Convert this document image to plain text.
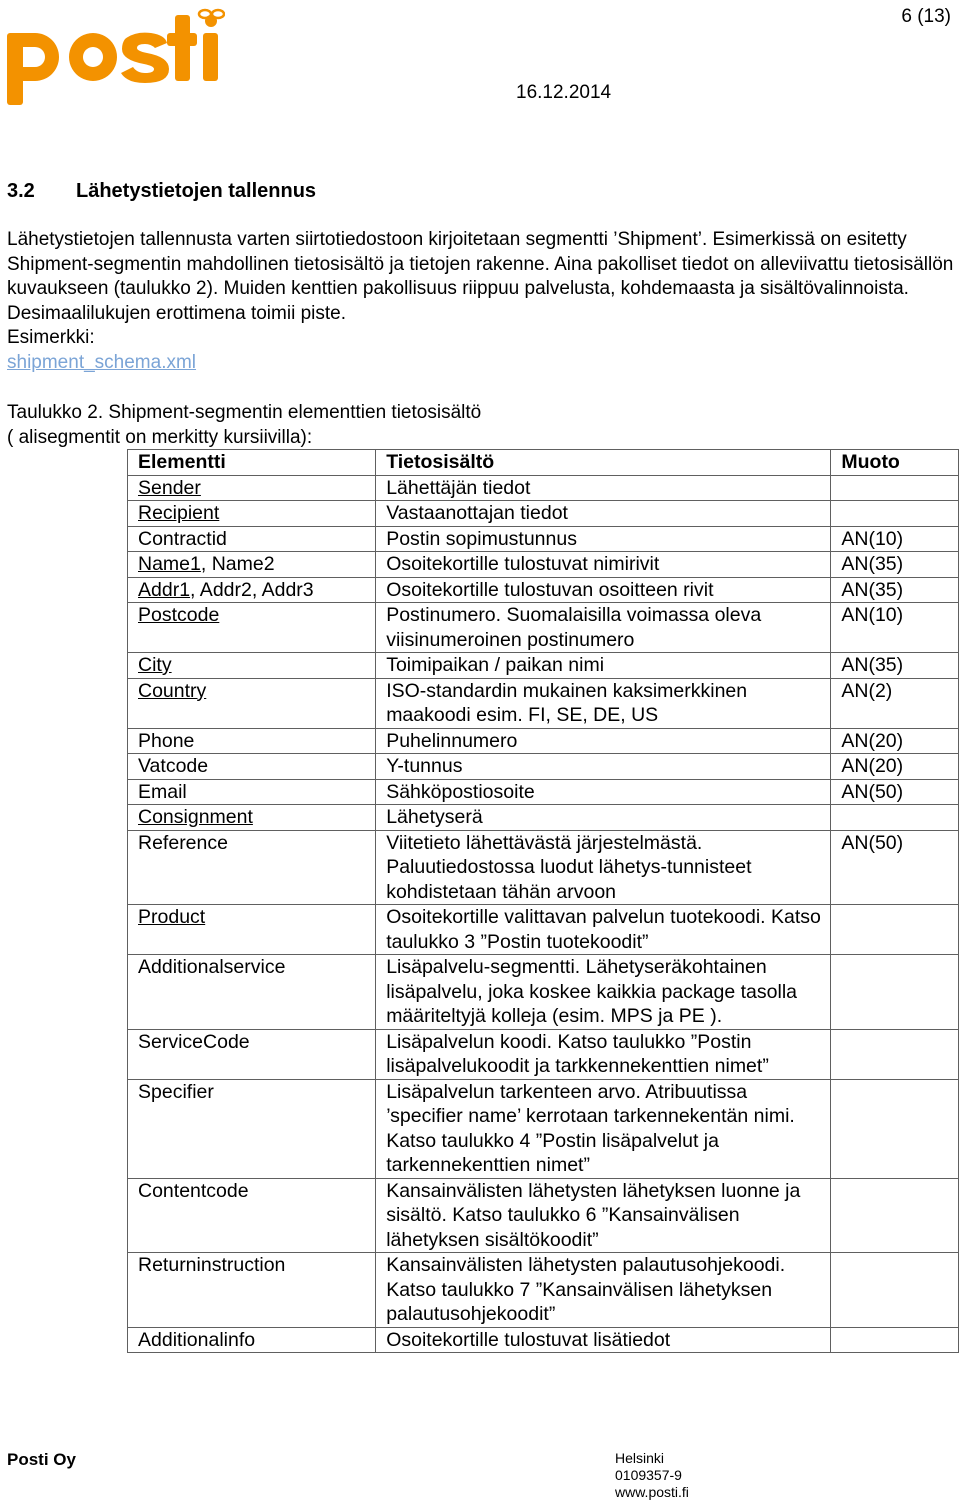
posti
6 (13)
16.12.2014
3.2 Lähetystietojen tallennus

Lähetystietojen tallennusta varten siirtotiedostoon kirjoitetaan segmentti ’Shipment’. Esimerkissä on esitetty Shipment-segmentin mahdollinen tietosisältö ja tietojen rakenne. Aina pakolliset tiedot on alleviivattu tietosisällön kuvaukseen (taulukko 2). Muiden kenttien pakollisuus riippuu palvelusta, kohdemaasta ja sisältövalinnoista. Desimaalilukujen erottimena toimii piste.

Esimerkki:

shipment_schema.xml

Taulukko 2. Shipment-segmentin elementtien tietosisältö
( alisegmentit on merkitty kursiivilla):
Elementti	Tietosisältö	Muoto
Sender	Lähettäjän tiedot	
Recipient	Vastaanottajan tiedot	
Contractid	Postin sopimustunnus	AN(10)
Name1, Name2	Osoitekortille tulostuvat nimirivit	AN(35)
Addr1, Addr2, Addr3	Osoitekortille tulostuvan osoitteen rivit	AN(35)
Postcode	Postinumero. Suomalaisilla voimassa oleva viisinumeroinen postinumero	AN(10)
City	Toimipaikan / paikan nimi	AN(35)
Country	ISO-standardin mukainen kaksimerkkinen maakoodi esim. FI, SE, DE, US	AN(2)
Phone	Puhelinnumero	AN(20)
Vatcode	Y-tunnus	AN(20)
Email	Sähköpostiosoite	AN(50)
Consignment	Lähetyserä	
Reference	Viitetieto lähettävästä järjestelmästä. Paluutiedostossa luodut lähetys-tunnisteet kohdistetaan tähän arvoon	AN(50)
Product	Osoitekortille valittavan palvelun tuotekoodi. Katso taulukko 3 ”Postin tuotekoodit”	
Additionalservice	Lisäpalvelu-segmentti. Lähetyseräkohtainen lisäpalvelu, joka koskee kaikkia package tasolla määriteltyjä kolleja (esim. MPS ja PE ).	
ServiceCode	Lisäpalvelun koodi. Katso taulukko ”Postin lisäpalvelukoodit ja tarkkennekenttien nimet”	
Specifier	Lisäpalvelun tarkenteen arvo. Atribuutissa ’specifier name’ kerrotaan tarkennekentän nimi. Katso taulukko 4 ”Postin lisäpalvelut ja tarkennekenttien nimet”	
Contentcode	Kansainvälisten lähetysten lähetyksen luonne ja sisältö. Katso taulukko 6 ”Kansainvälisen lähetyksen sisältökoodit”	
Returninstruction	Kansainvälisten lähetysten palautusohjekoodi. Katso taulukko 7 ”Kansainvälisen lähetyksen palautusohjekoodit”	
Additionalinfo	Osoitekortille tulostuvat lisätiedot	
Posti Oy	Helsinki
0109357-9
www.posti.fi
